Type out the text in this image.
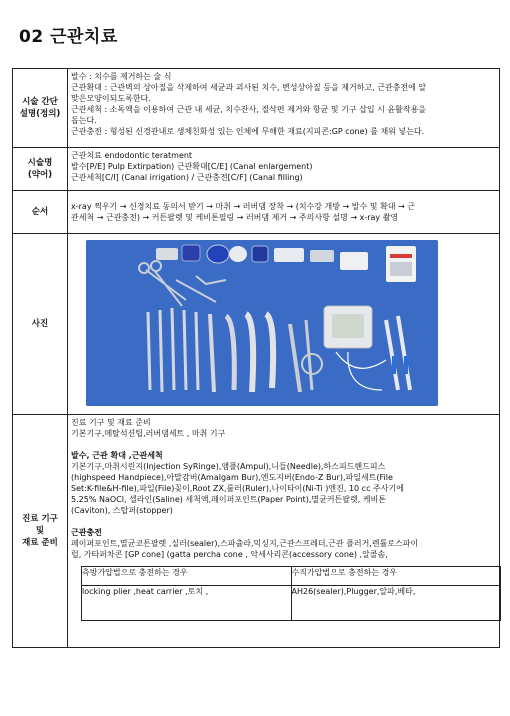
02 근관치료
시술 간단
설명(정의)

발수 : 치수를 제거하는 술 식
근관확대 : 근관벽의 상아질을 삭제하여 세균과 괴사된 치수, 변성상아질 등을 제거하고, 근관충전에 알
맞은모양이되도록한다.
근관세척 : 소독액을 이용하여 근관 내 세균, 치수잔사, 절삭편 제거와 항균 및 기구 삽입 시 윤활작용을
돕는다.
근관충전 : 형성된 신경관내로 생체친화성 있는 인체에 무해한 재료(지피콘:GP cone) 를 채워 넣는다.

시술명
(약어)

근관치료 endodontic teratment
발수[P/E] Pulp Extirpation) 근관확대[C/E] (Canal enlargement)
근관세척[C/I] (Canal irrigation) / 근관충전[C/F] (Canal filling)

순서

x-ray 찍우기 → 신경치료 동의서 받기 → 마취 → 러버댐 장착 → (치수강 개방 → 발수 및 확대 → 근
관세척 → 근관충전) → 커튼팔렛 및 케비톤필링 → 러버댐 제거 → 주의사항 설명 → x-ray 촬영

사진

진료 기구
및
재료 준비

진료 기구 및 재료 준비
기본기구,메탈석션팁,러버댐세트 , 마취 기구
발수, 근관 확대 ,근관세척
기본기구,마취시린지(Injection SyRinge),앰플(Ampul),니들(Needle),하스피드핸드피스
(highspeed Handpiece),아말감버(Amalgam Bur),엔도지버(Endo-Z Bur),파일세트(File
Set:K-file&H-file),파일(File)꽂이,Root ZX,룰러(Ruler),나이타이(Ni-Ti )엔진, 10 cc 주사기에
5.25% NaOCl, 셀라인(Saline) 세척액,페이퍼포인트(Paper Point),멸균커튼팔렛, 케비톤
(Caviton), 스탑퍼(stopper)
근관충전
페이퍼포인트,멸균코튼팔렛 ,실러(sealer),스파츌라,믹싱지,근관스프레더,근관 플러거,렌튤로스파이
럴, 가타퍼차콘 [GP cone] (gatta percha cone , 악세사리콘(accessory cone) ,알콜솜,
측방가압법으로 충전하는 경우	수직가압법으로 충전하는 경우
locking plier ,heat carrier ,토치 ,	AH26(sealer),Plugger,알파,베타,
